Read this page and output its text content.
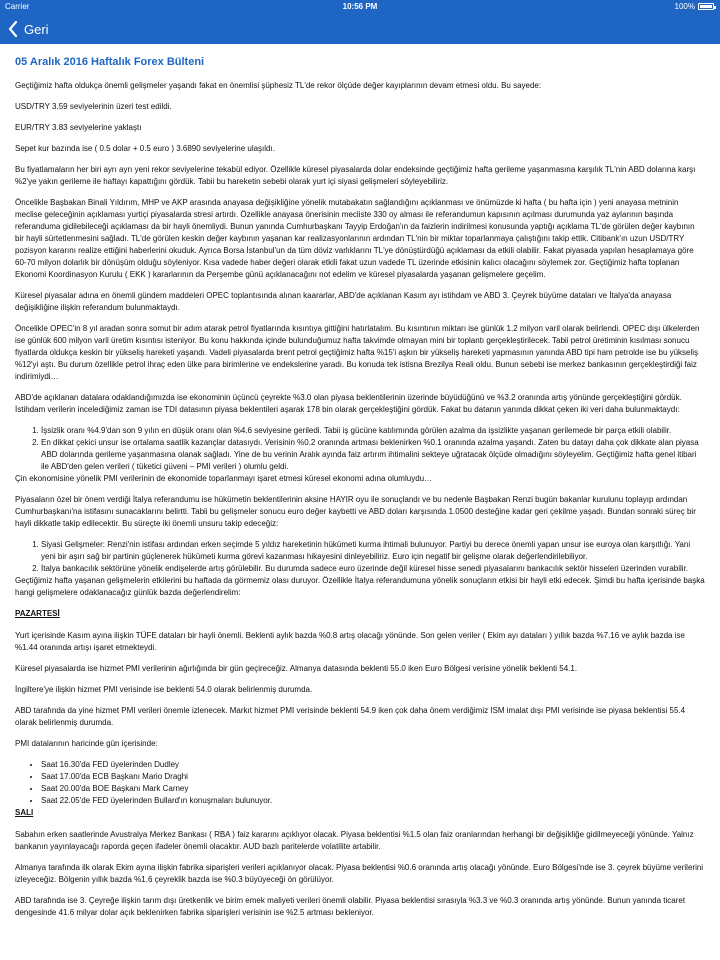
Carrier	10:56 PM	100%
Geri
05 Aralık 2016 Haftalık Forex Bülteni

Geçtiğimiz hafta oldukça önemli gelişmeler yaşandı fakat en önemlisi şüphesiz TL'de rekor ölçüde değer kayıplarının devam etmesi oldu. Bu sayede:

USD/TRY 3.59 seviyelerinin üzeri test edildi.

EUR/TRY 3.83 seviyelerine yaklaştı

Sepet kur bazında ise ( 0.5 dolar + 0.5 euro ) 3.6890 seviyelerine ulaşıldı.

Bu fiyatlamaların her biri ayrı ayrı yeni rekor seviyelerine tekabül ediyor. Özellikle küresel piyasalarda dolar endeksinde geçtiğimiz hafta gerileme yaşanmasına karşılık TL'nin ABD dolarına karşı %2'ye yakın gerileme ile haftayı kapattığını gördük. Tabii bu hareketin sebebi olarak yurt içi siyasi gelişmeleri söyleyebiliriz.

Öncelikle Başbakan Binali Yıldırım, MHP ve AKP arasında anayasa değişikliğine yönelik mutabakatın sağlandığını açıklanması ve önümüzde ki hafta ( bu hafta için ) yeni anayasa metninin meclise geleceğinin açıklaması yurtiçi piyasalarda stresi artırdı. Özellikle anayasa önerisinin mecliste 330 oy alması ile referandumun kapısının açılması durumunda yaz aylarının başında referanduma gidilebileceği açıklaması da bir hayli önemliydi. Bunun yanında Cumhurbaşkanı Tayyip Erdoğan'ın da faizlerin indirilmesi konusunda yaptığı açıklama TL'de görülen değer kaybının bir hayli sürtetlenmesini sağladı. TL'de görülen keskin değer kaybının yaşanan kar realizasyonlarının ardından TL'nin bir miktar toparlanmaya çalıştığını takip ettik. Citibank'ın uzun USD/TRY pozisyon kararını realize ettiğini haberlerini okuduk. Ayrıca Borsa İstanbul'un da tüm döviz varlıklarını TL'ye dönüştürdüğü açıklaması da etkili olabilir. Fakat piyasada yapılan hesaplamaya göre 60-70 milyon dolarlık bir dönüşüm olduğu söyleniyor. Kısa vadede haber değeri olarak etkili fakat uzun vadede TL üzerinde etkisinin kalıcı olacağını söylemek zor. Geçtiğimiz hafta toplanan Ekonomi Koordinasyon Kurulu ( EKK ) kararlarının da Perşembe günü açıklanacağını not edelim ve küresel piyasalarda yaşanan gelişmelere geçelim.

Küresel piyasalar adına en önemli gündem maddeleri OPEC toplantısında alınan kaararlar, ABD'de açıklanan Kasım ayı istihdam ve ABD 3. Çeyrek büyüme dataları ve İtalya'da anayasa değişikliğine ilişkin referandum bulunmaktaydı.

Öncelikle OPEC'in 8 yıl aradan sonra somut bir adım atarak petrol fiyatlarında kısıntıya gittiğini hatırlatalım. Bu kısıntının miktarı ise günlük 1.2 milyon varil olarak belirlendi. OPEC dışı ülkelerden ise günlük 600 milyon varil üretim kısıntısı isteniyor. Bu konu hakkında içinde bulunduğumuz hafta takvimde olmayan mini bir toplantı gerçekleştirilecek. Tabii petrol üretiminin kısılması sonucu fiyatlarda oldukça keskin bir yükseliş hareketi yaşandı. Vadeli piyasalarda brent petrol geçtiğimiz hafta %15'i aşkın bir yükseliş hareketi yapmasının yanında ABD tipi ham petrolde ise bu yükseliş %12'yi aştı. Bu durum özellikle petrol ihraç eden ülke para birimlerine ve endekslerine yaradı. Bu konuda tek istisna Brezilya Reali oldu. Bunun sebebi ise merkez bankasının gerçekleştirdiği faiz indirimiydi…

ABD'de açıklanan datalara odaklandığımızda ise ekonominin üçüncü çeyrekte %3.0 olan piyasa beklentilerinin üzerinde büyüdüğünü ve %3.2 oranında artış yönünde gerçekleştiğini gördük. İstihdam verilerin incelediğimiz zaman ise TDI datasının piyasa beklentileri aşarak 178 bin olarak gerçekleştiğini gördük. Fakat bu datanın yanında dikkat çeken iki veri daha bulunmaktaydı:

1. İşsizlik oranı %4.9'dan son 9 yılın en düşük oranı olan %4.6 seviyesine geriledi. Tabii iş gücüne katılımında görülen azalma da işsizlikte yaşanan gerilemede bir parça etkili olabilir.
2. En dikkat çekici unsur ise ortalama saatlik kazançlar datasıydı. Verisinin %0.2 oranında artması beklenirken %0.1 oranında azalma yaşandı. Zaten bu datayı daha çok dikkate alan piyasa ABD dolarında gerileme yaşanmasına olanak sağladı. Yine de bu verinin Aralık ayında faiz artırım ihtimalini sekteye uğratacak ölçüde olmadığını söyleyelim. Geçtiğimiz hafta genel itibari ile ABD'den gelen verileri ( tüketici güveni – PMI verileri ) olumlu geldi.

Çin ekonomisine yönelik PMI verilerinin de ekonomide toparlanmayı işaret etmesi küresel ekonomi adına olumluydu…

Piyasaların özel bir önem verdiği İtalya referandumu ise hükümetin beklentilerinin aksine HAYIR oyu ile sonuçlandı ve bu nedenle Başbakan Renzi bugün bakanlar kurulunu toplayıp ardından Cumhurbaşkanı'na istifasını sunacaklarını belirtti. Tabii bu gelişmeler sonucu euro değer kaybetti ve ABD doları karşısında 1.0500 desteğine kadar geri çekilme yaşadı. Bundan sonraki süreç bir hayli dikkatle takip edilecektir. Bu süreçte iki önemli unsuru takip edeceğiz:

1. Siyasi Gelişmeler: Renzi'nin istifası ardından erken seçimde 5 yıldız hareketinin hükümeti kurma ihtimali bulunuyor. Partiyi bu derece önemli yapan unsur ise euroya olan karşıtlığı. Yani yeni bir aşırı sağ bir partinin güçlenerek hükümeti kurma görevi kazanması hikayesini dinleyebiliriz. Euro için negatif bir gelişme olarak değerlendirilebiliyor.
2. İtalya bankacılık sektörüne yönelik endişelerde artış görülebilir. Bu durumda sadece euro üzerinde değil küresel hisse senedi piyasalarını bankacılık sektör hisseleri üzerinden vurabilir.

Geçtiğimiz hafta yaşanan gelişmelerin etkilerini bu haftada da görmemiz olası duruyor. Özellikle İtalya referandumuna yönelik sonuçların etkisi bir hayli etki edecek. Şimdi bu hafta içerisinde başka hangi gelişmelere odaklanacağız günlük bazda değerlendirelim:

PAZARTESİ

Yurt içerisinde Kasım ayına ilişkin TÜFE dataları bir hayli önemli. Beklenti aylık bazda %0.8 artış olacağı yönünde. Son gelen veriler ( Ekim ayı dataları ) yıllık bazda %7.16 ve aylık bazda ise %1.44 oranında artışı işaret etmekteydi.

Küresel piyasalarda ise hizmet PMI verilerinin ağırlığında bir gün geçireceğiz. Almanya datasında beklenti 55.0 iken Euro Bölgesi verisine yönelik beklenti 54.1.

İngiltere'ye ilişkin hizmet PMI verisinde ise beklenti 54.0 olarak belirlenmiş durumda.

ABD tarafında da yine hizmet PMI verileri önemle izlenecek. Markıt hizmet PMI verisinde beklenti 54.9 iken çok daha önem verdiğimiz ISM imalat dışı PMI verisinde ise piyasa beklentisi 55.4 olarak belirlenmiş durumda.

PMI datalarının haricinde gün içerisinde:

• Saat 16.30'da FED üyelerinden Dudley
• Saat 17.00'da ECB Başkanı Mario Draghi
• Saat 20.00'da BOE Başkanı Mark Carney
• Saat 22.05'de FED üyelerinden Bullard'ın konuşmaları bulunuyor.
SALI

Sabahın erken saatlerinde Avustralya Merkez Bankası ( RBA ) faiz kararını açıklıyor olacak. Piyasa beklentisi %1.5 olan faiz oranlarından herhangi bir değişikliğe gidilmeyeceği yönünde. Yalnız bankanın yayınlayacağı raporda geçen ifadeler önemli olacaktır. AUD bazlı paritelerde volatilite artabilir.

Almanya tarafında ilk olarak Ekim ayına ilişkin fabrika siparişleri verileri açıklanıyor olacak. Piyasa beklentisi %0.6 oranında artış olacağı yönünde. Euro Bölgesi'nde ise 3. çeyrek büyüme verilerini izleyeceğiz. Bölgenin yıllık bazda %1.6 çeyreklik bazda ise %0.3 büyüyeceği ön görülüyor.

ABD tarafında ise 3. Çeyreğe ilişkin tarım dışı üretkenlik ve birim emek maliyeti verileri önemli olabilir. Piyasa beklentisi sırasıyla %3.3 ve %0.3 oranında artış yönünde. Bunun yanında ticaret dengesinde 41.6 milyar dolar açık beklenirken fabrika siparişleri verisinin ise %2.5 artması bekleniyor.
